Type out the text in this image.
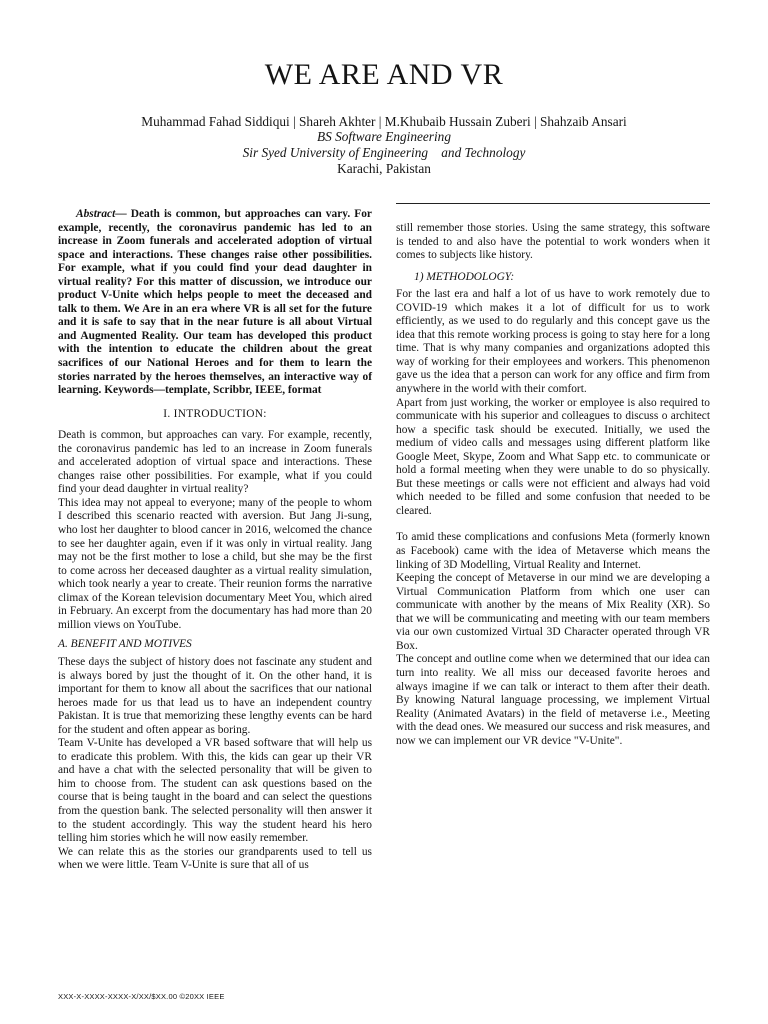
WE ARE AND VR
Muhammad Fahad Siddiqui | Shareh Akhter | M.Khubaib Hussain Zuberi | Shahzaib Ansari
BS Software Engineering
Sir Syed University of Engineering    and Technology
Karachi, Pakistan

Abstract— Death is common, but approaches can vary. For example, recently, the coronavirus pandemic has led to an increase in Zoom funerals and accelerated adoption of virtual space and interactions. These changes raise other possibilities. For example, what if you could find your dead daughter in virtual reality? For this matter of discussion, we introduce our product V-Unite which helps people to meet the deceased and talk to them. We Are in an era where VR is all set for the future and it is safe to say that in the near future is all about Virtual and Augmented Reality. Our team has developed this product with the intention to educate the children about the great sacrifices of our National Heroes and for them to learn the stories narrated by the heroes themselves, an interactive way of learning. Keywords—template, Scribbr, IEEE, format

I. INTRODUCTION:

Death is common, but approaches can vary. For example, recently, the coronavirus pandemic has led to an increase in Zoom funerals and accelerated adoption of virtual space and interactions. These changes raise other possibilities. For example, what if you could find your dead daughter in virtual reality?

This idea may not appeal to everyone; many of the people to whom I described this scenario reacted with aversion. But Jang Ji-sung, who lost her daughter to blood cancer in 2016, welcomed the chance to see her daughter again, even if it was only in virtual reality. Jang may not be the first mother to lose a child, but she may be the first to come across her deceased daughter as a virtual reality simulation, which took nearly a year to create. Their reunion forms the narrative climax of the Korean television documentary Meet You, which aired in February. An excerpt from the documentary has had more than 20 million views on YouTube.

A. BENEFIT AND MOTIVES

These days the subject of history does not fascinate any student and is always bored by just the thought of it. On the other hand, it is important for them to know all about the sacrifices that our national heroes made for us that lead us to have an independent country Pakistan. It is true that memorizing these lengthy events can be hard for the student and often appear as boring.

Team V-Unite has developed a VR based software that will help us to eradicate this problem. With this, the kids can gear up their VR and have a chat with the selected personality that will be given to him to choose from. The student can ask questions based on the course that is being taught in the board and can select the questions from the question bank. The selected personality will then answer it to the student accordingly. This way the student heard his hero telling him stories which he will now easily remember.

We can relate this as the stories our grandparents used to tell us when we were little. Team V-Unite is sure that all of us

still remember those stories. Using the same strategy, this software is tended to and also have the potential to work wonders when it comes to subjects like history.

1) METHODOLOGY:

For the last era and half a lot of us have to work remotely due to COVID-19 which makes it a lot of difficult for us to work efficiently, as we used to do regularly and this concept gave us the idea that this remote working process is going to stay here for a long time. That is why many companies and organizations adopted this way of working for their employees and workers. This phenomenon gave us the idea that a person can work for any office and firm from anywhere in the world with their comfort.

Apart from just working, the worker or employee is also required to communicate with his superior and colleagues to discuss o architect how a specific task should be executed. Initially, we used the medium of video calls and messages using different platform like Google Meet, Skype, Zoom and What Sapp etc. to communicate or hold a formal meeting when they were unable to do so physically. But these meetings or calls were not efficient and always had void which needed to be filled and some confusion that needed to be cleared.

To amid these complications and confusions Meta (formerly known as Facebook) came with the idea of Metaverse which means the linking of 3D Modelling, Virtual Reality and Internet.

Keeping the concept of Metaverse in our mind we are developing a Virtual Communication Platform from which one user can communicate with another by the means of Mix Reality (XR). So that we will be communicating and meeting with our team members via our own customized Virtual 3D Character operated through VR Box.

The concept and outline come when we determined that our idea can turn into reality. We all miss our deceased favorite heroes and always imagine if we can talk or interact to them after their death. By knowing Natural language processing, we implement Virtual Reality (Animated Avatars) in the field of metaverse i.e., Meeting with the dead ones. We measured our success and risk measures, and now we can implement our VR device "V-Unite".

XXX-X-XXXX-XXXX-X/XX/$XX.00 ©20XX IEEE
